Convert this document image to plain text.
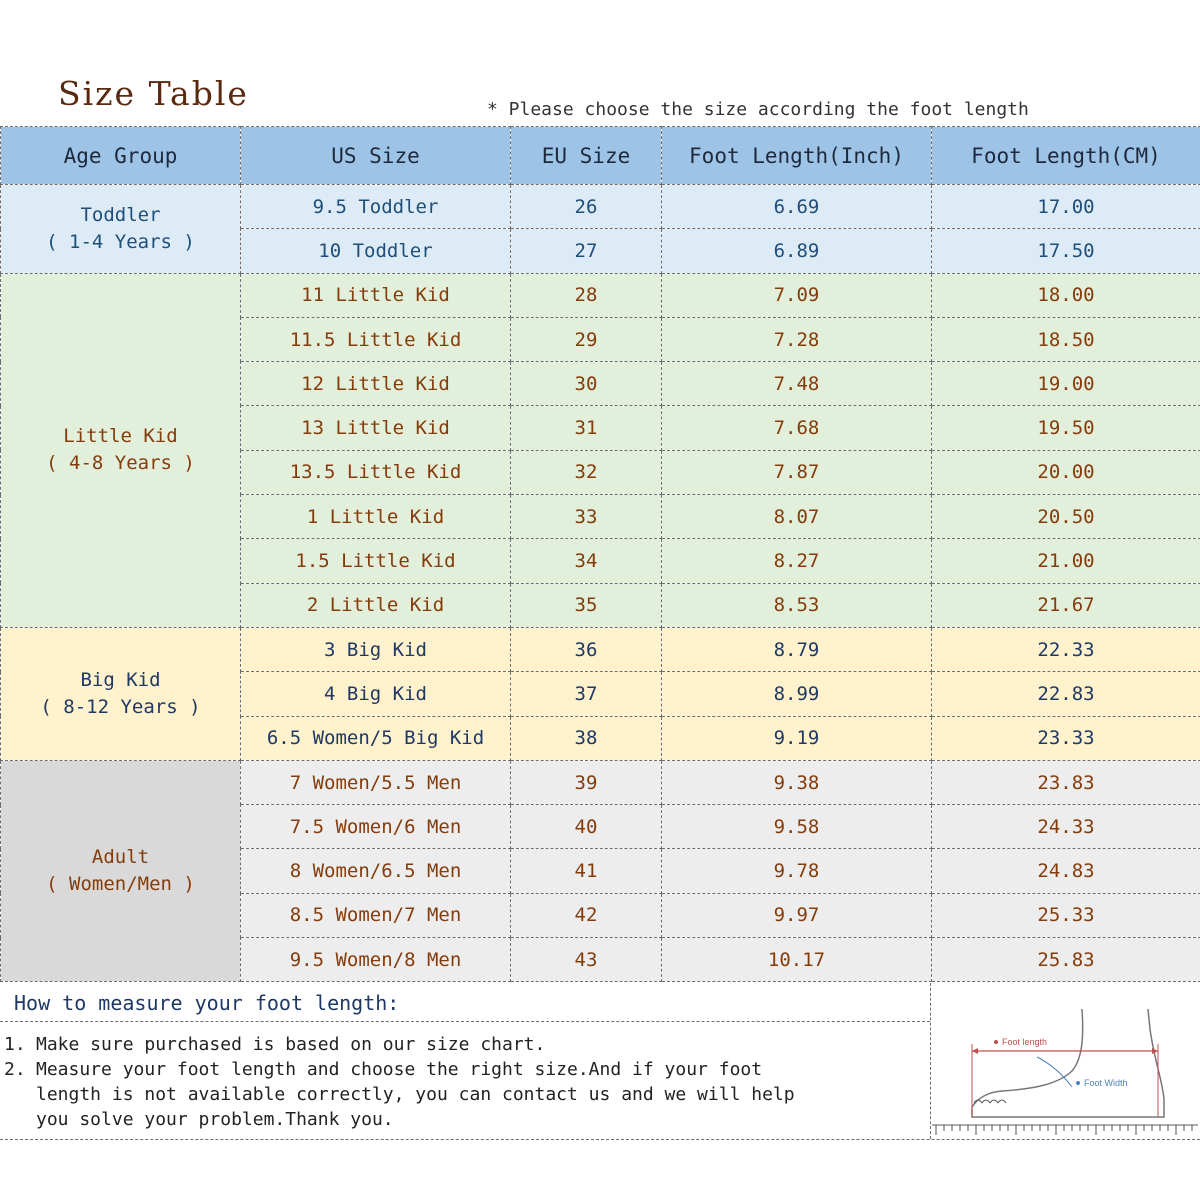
Size Table	* Please choose the size according the foot length
Age Group	US Size	EU Size	Foot Length(Inch)	Foot Length(CM)

Toddler
( 1-4 Years )	9.5 Toddler	26	6.69	17.00
	10 Toddler	27	6.89	17.50

Little Kid
( 4-8 Years )	11 Little Kid	28	7.09	18.00
	11.5 Little Kid	29	7.28	18.50
	12 Little Kid	30	7.48	19.00
	13 Little Kid	31	7.68	19.50
	13.5 Little Kid	32	7.87	20.00
	1 Little Kid	33	8.07	20.50
	1.5 Little Kid	34	8.27	21.00
	2 Little Kid	35	8.53	21.67

Big Kid
( 8-12 Years )	3 Big Kid	36	8.79	22.33
	4 Big Kid	37	8.99	22.83
	6.5 Women/5 Big Kid	38	9.19	23.33

Adult
( Women/Men )	7 Women/5.5 Men	39	9.38	23.83
	7.5 Women/6 Men	40	9.58	24.33
	8 Women/6.5 Men	41	9.78	24.83
	8.5 Women/7 Men	42	9.97	25.33
	9.5 Women/8 Men	43	10.17	25.83
How to measure your foot length:
1. Make sure purchased is based on our size chart.
2. Measure your foot length and choose the right size.And if your foot
length is not available correctly, you can contact us and we will help
you solve your problem.Thank you.
Foot length
Foot Width
